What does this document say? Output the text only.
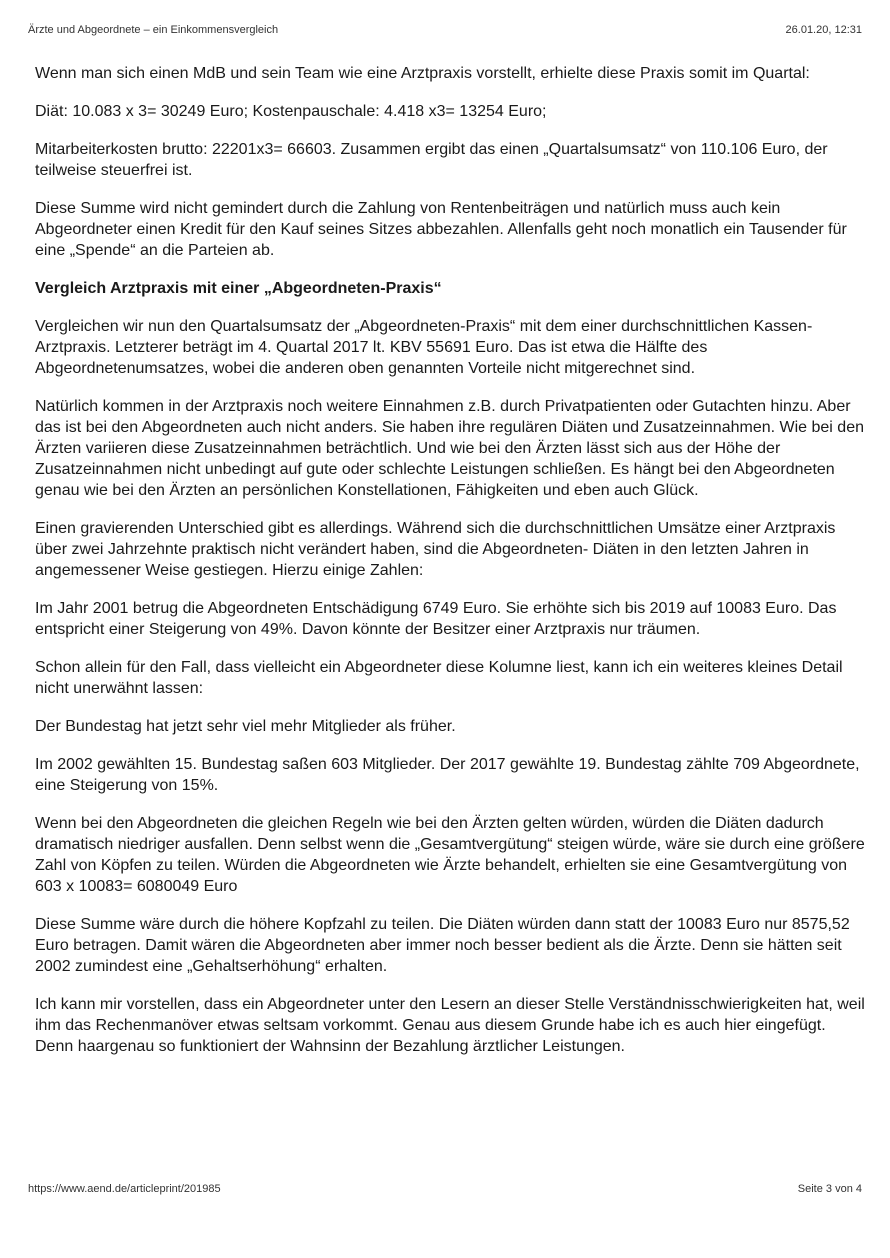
Ärzte und Abgeordnete – ein Einkommensvergleich	26.01.20, 12:31

Wenn man sich einen MdB und sein Team wie eine Arztpraxis vorstellt, erhielte diese Praxis somit im Quartal:

Diät: 10.083 x 3= 30249 Euro; Kostenpauschale: 4.418 x3= 13254 Euro;

Mitarbeiterkosten brutto: 22201x3= 66603. Zusammen ergibt das einen „Quartalsumsatz“ von 110.106 Euro, der teilweise steuerfrei ist.

Diese Summe wird nicht gemindert durch die Zahlung von Rentenbeiträgen und natürlich muss auch kein Abgeordneter einen Kredit für den Kauf seines Sitzes abbezahlen. Allenfalls geht noch monatlich ein Tausender für eine „Spende“ an die Parteien ab.

Vergleich Arztpraxis mit einer „Abgeordneten-Praxis“

Vergleichen wir nun den Quartalsumsatz der „Abgeordneten-Praxis“ mit dem einer durchschnittlichen Kassen-Arztpraxis. Letzterer beträgt im 4. Quartal 2017 lt. KBV 55691 Euro. Das ist etwa die Hälfte des Abgeordnetenumsatzes, wobei die anderen oben genannten Vorteile nicht mitgerechnet sind.

Natürlich kommen in der Arztpraxis noch weitere Einnahmen z.B. durch Privatpatienten oder Gutachten hinzu. Aber das ist bei den Abgeordneten auch nicht anders. Sie haben ihre regulären Diäten und Zusatzeinnahmen. Wie bei den Ärzten variieren diese Zusatzeinnahmen beträchtlich. Und wie bei den Ärzten lässt sich aus der Höhe der Zusatzeinnahmen nicht unbedingt auf gute oder schlechte Leistungen schließen. Es hängt bei den Abgeordneten genau wie bei den Ärzten an persönlichen Konstellationen, Fähigkeiten und eben auch Glück.

Einen gravierenden Unterschied gibt es allerdings. Während sich die durchschnittlichen Umsätze einer Arztpraxis über zwei Jahrzehnte praktisch nicht verändert haben, sind die Abgeordneten- Diäten in den letzten Jahren in angemessener Weise gestiegen. Hierzu einige Zahlen:

Im Jahr 2001 betrug die Abgeordneten Entschädigung 6749 Euro. Sie erhöhte sich bis 2019 auf 10083 Euro. Das entspricht einer Steigerung von 49%. Davon könnte der Besitzer einer Arztpraxis nur träumen.

Schon allein für den Fall, dass vielleicht ein Abgeordneter diese Kolumne liest, kann ich ein weiteres kleines Detail nicht unerwähnt lassen:

Der Bundestag hat jetzt sehr viel mehr Mitglieder als früher.

Im 2002 gewählten 15. Bundestag saßen 603 Mitglieder. Der 2017 gewählte 19. Bundestag zählte 709 Abgeordnete, eine Steigerung von 15%.

Wenn bei den Abgeordneten die gleichen Regeln wie bei den Ärzten gelten würden, würden die Diäten dadurch dramatisch niedriger ausfallen. Denn selbst wenn die „Gesamtvergütung“ steigen würde, wäre sie durch eine größere Zahl von Köpfen zu teilen. Würden die Abgeordneten wie Ärzte behandelt, erhielten sie eine Gesamtvergütung von 603 x 10083= 6080049 Euro

Diese Summe wäre durch die höhere Kopfzahl zu teilen. Die Diäten würden dann statt der 10083 Euro nur 8575,52 Euro betragen. Damit wären die Abgeordneten aber immer noch besser bedient als die Ärzte. Denn sie hätten seit 2002 zumindest eine „Gehaltserhöhung“ erhalten.

Ich kann mir vorstellen, dass ein Abgeordneter unter den Lesern an dieser Stelle Verständnisschwierigkeiten hat, weil ihm das Rechenmanöver etwas seltsam vorkommt. Genau aus diesem Grunde habe ich es auch hier eingefügt. Denn haargenau so funktioniert der Wahnsinn der Bezahlung ärztlicher Leistungen.

https://www.aend.de/articleprint/201985	Seite 3 von 4
